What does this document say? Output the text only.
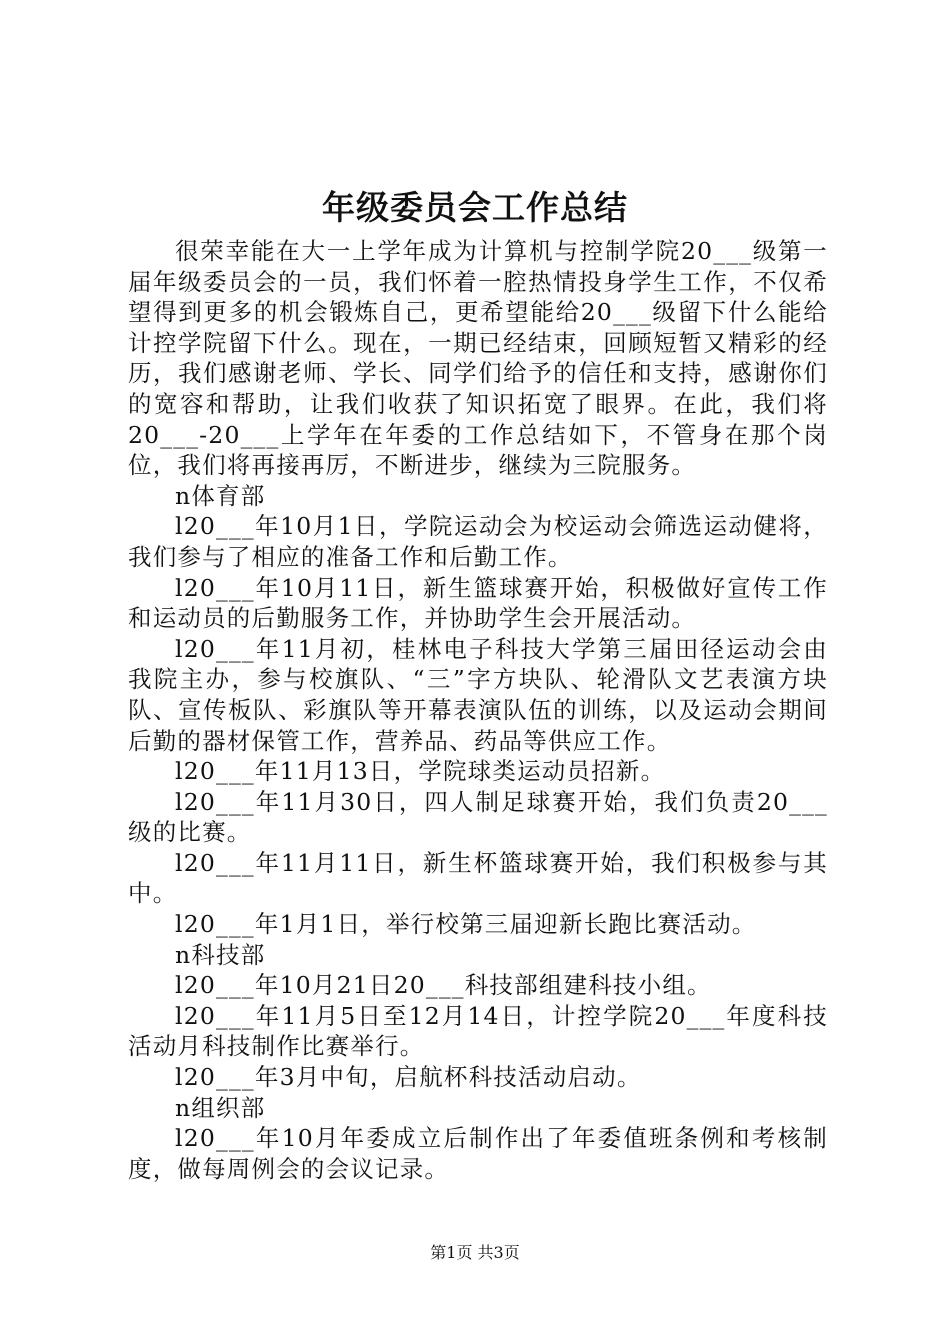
年级委员会工作总结

很荣幸能在大一上学年成为计算机与控制学院20___级第一届年级委员会的一员，我们怀着一腔热情投身学生工作，不仅希望得到更多的机会锻炼自己，更希望能给20___级留下什么能给计控学院留下什么。现在，一期已经结束，回顾短暂又精彩的经历，我们感谢老师、学长、同学们给予的信任和支持，感谢你们的宽容和帮助，让我们收获了知识拓宽了眼界。在此，我们将20___-20___上学年在年委的工作总结如下，不管身在那个岗位，我们将再接再厉，不断进步，继续为三院服务。

n体育部

l20___年10月1日，学院运动会为校运动会筛选运动健将，我们参与了相应的准备工作和后勤工作。

l20___年10月11日，新生篮球赛开始，积极做好宣传工作和运动员的后勤服务工作，并协助学生会开展活动。

l20___年11月初，桂林电子科技大学第三届田径运动会由我院主办，参与校旗队、“三”字方块队、轮滑队文艺表演方块队、宣传板队、彩旗队等开幕表演队伍的训练，以及运动会期间后勤的器材保管工作，营养品、药品等供应工作。

l20___年11月13日，学院球类运动员招新。

l20___年11月30日，四人制足球赛开始，我们负责20___级的比赛。

l20___年11月11日，新生杯篮球赛开始，我们积极参与其中。

l20___年1月1日，举行校第三届迎新长跑比赛活动。

n科技部

l20___年10月21日20___科技部组建科技小组。

l20___年11月5日至12月14日，计控学院20___年度科技活动月科技制作比赛举行。

l20___年3月中旬，启航杯科技活动启动。

n组织部

l20___年10月年委成立后制作出了年委值班条例和考核制度，做每周例会的会议记录。

第1页 共3页
